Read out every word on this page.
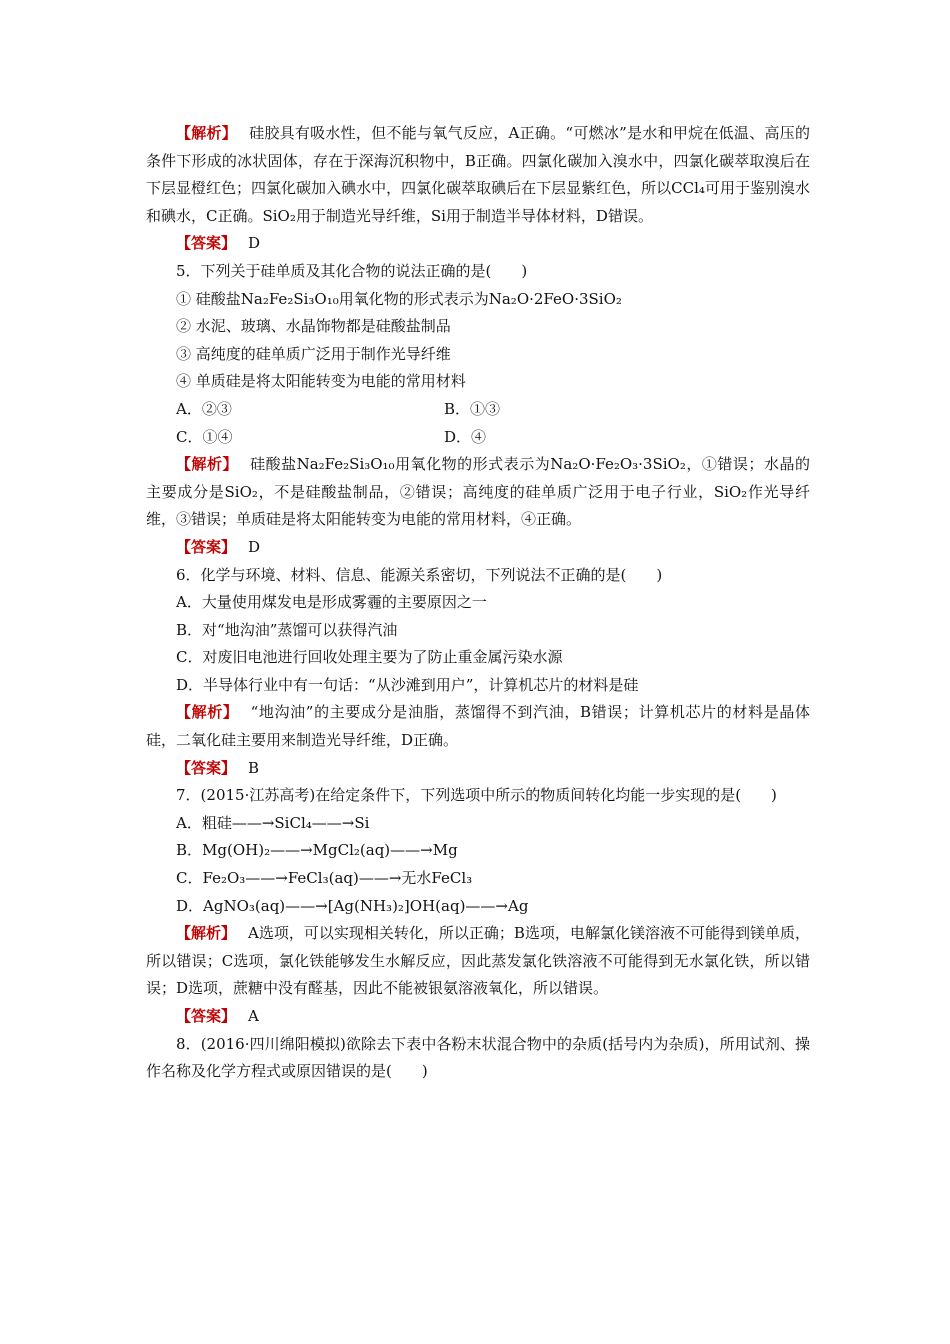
【解析】 硅胶具有吸水性，但不能与氧气反应，A正确。“可燃冰”是水和甲烷在低温、高压的条件下形成的冰状固体，存在于深海沉积物中，B正确。四氯化碳加入溴水中，四氯化碳萃取溴后在下层显橙红色；四氯化碳加入碘水中，四氯化碳萃取碘后在下层显紫红色，所以CCl₄可用于鉴别溴水和碘水，C正确。SiO₂用于制造光导纤维，Si用于制造半导体材料，D错误。

【答案】 D

5．下列关于硅单质及其化合物的说法正确的是(　　)

① 硅酸盐Na₂Fe₂Si₃O₁₀用氧化物的形式表示为Na₂O·2FeO·3SiO₂

② 水泥、玻璃、水晶饰物都是硅酸盐制品

③ 高纯度的硅单质广泛用于制作光导纤维

④ 单质硅是将太阳能转变为电能的常用材料

A．②③	B．①③
C．①④	D．④

【解析】 硅酸盐Na₂Fe₂Si₃O₁₀用氧化物的形式表示为Na₂O·Fe₂O₃·3SiO₂，①错误；水晶的主要成分是SiO₂，不是硅酸盐制品，②错误；高纯度的硅单质广泛用于电子行业，SiO₂作光导纤维，③错误；单质硅是将太阳能转变为电能的常用材料，④正确。

【答案】 D

6．化学与环境、材料、信息、能源关系密切，下列说法不正确的是(　　)

A．大量使用煤发电是形成雾霾的主要原因之一

B．对“地沟油”蒸馏可以获得汽油

C．对废旧电池进行回收处理主要为了防止重金属污染水源

D．半导体行业中有一句话：“从沙滩到用户”，计算机芯片的材料是硅

【解析】 “地沟油”的主要成分是油脂，蒸馏得不到汽油，B错误；计算机芯片的材料是晶体硅，二氧化硅主要用来制造光导纤维，D正确。

【答案】 B

7．(2015·江苏高考)在给定条件下，下列选项中所示的物质间转化均能一步实现的是(　　)

A．粗硅——→SiCl₄——→Si

B．Mg(OH)₂——→MgCl₂(aq)——→Mg

C．Fe₂O₃——→FeCl₃(aq)——→无水FeCl₃

D．AgNO₃(aq)——→[Ag(NH₃)₂]OH(aq)——→Ag

【解析】 A选项，可以实现相关转化，所以正确；B选项，电解氯化镁溶液不可能得到镁单质，所以错误；C选项，氯化铁能够发生水解反应，因此蒸发氯化铁溶液不可能得到无水氯化铁，所以错误；D选项，蔗糖中没有醛基，因此不能被银氨溶液氧化，所以错误。

【答案】 A

8．(2016·四川绵阳模拟)欲除去下表中各粉末状混合物中的杂质(括号内为杂质)，所用试剂、操作名称及化学方程式或原因错误的是(　　)
